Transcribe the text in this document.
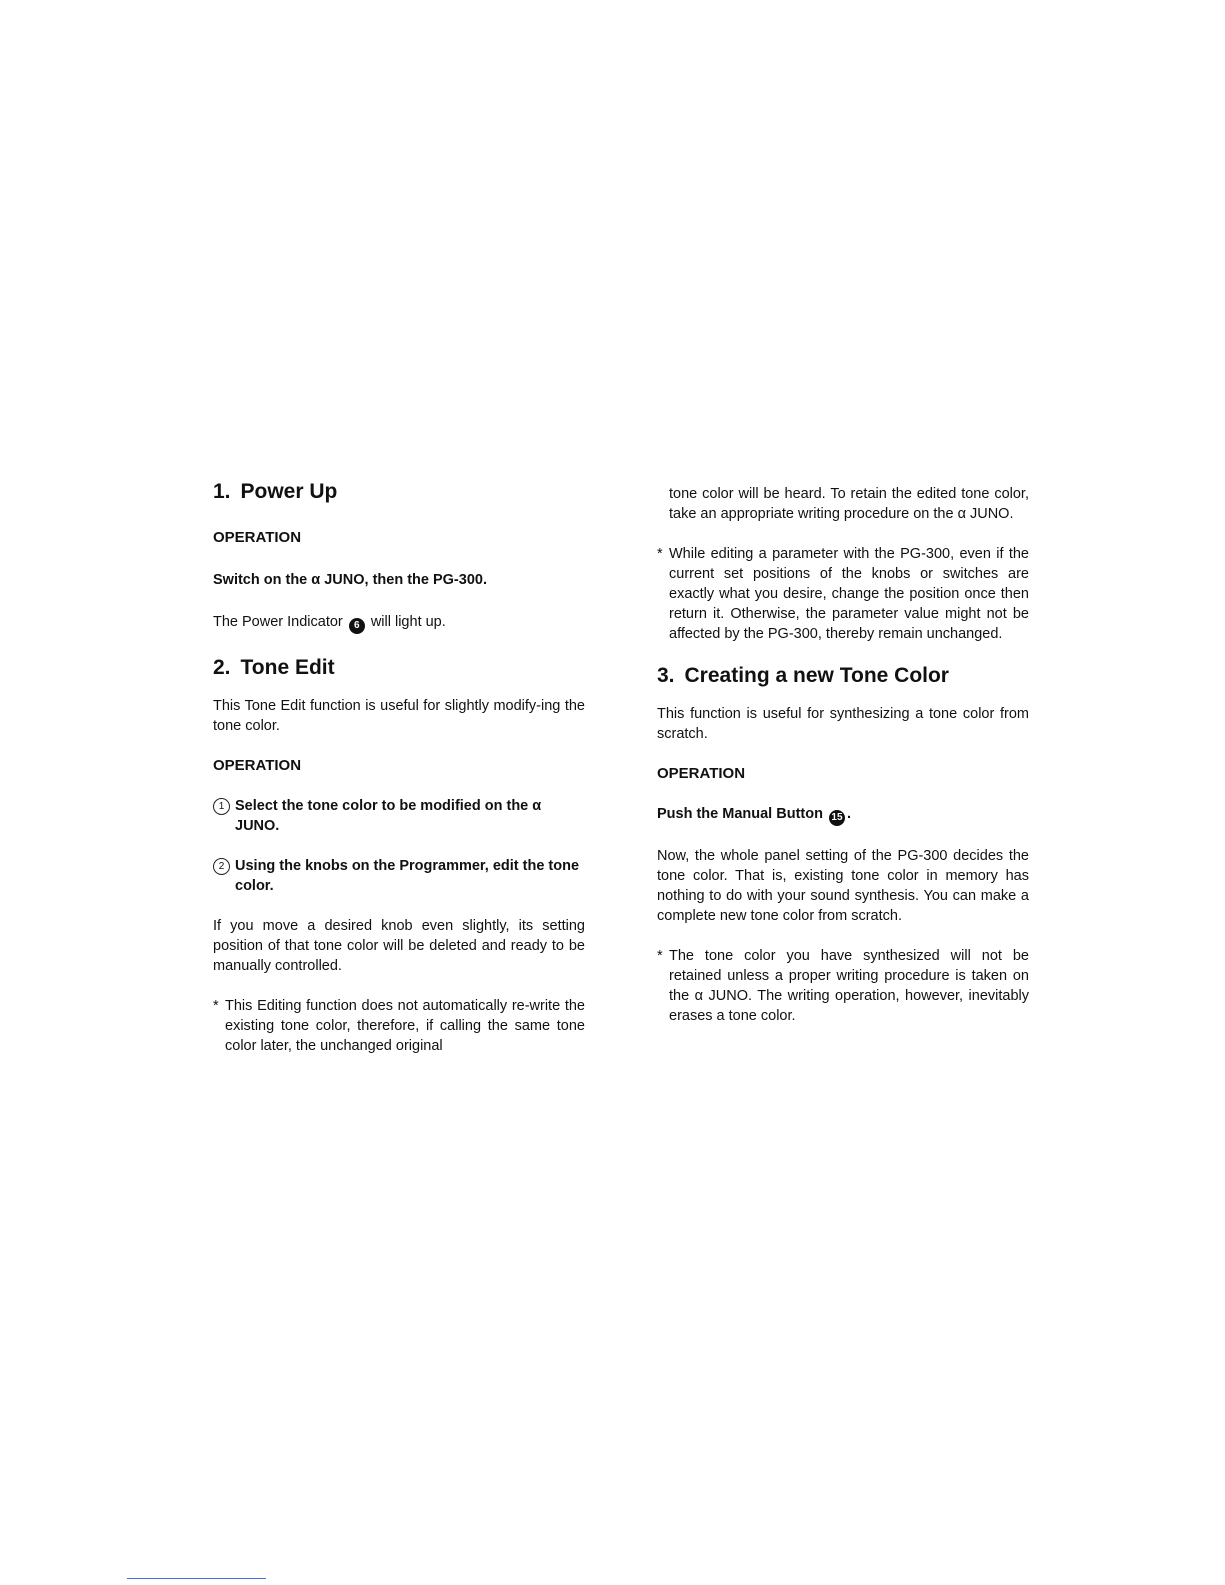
1. Power Up

OPERATION

Switch on the α JUNO, then the PG-300.

The Power Indicator 6 will light up.

2. Tone Edit

This Tone Edit function is useful for slightly modify-ing the tone color.

OPERATION

1 Select the tone color to be modified on the α JUNO.
2 Using the knobs on the Programmer, edit the tone color.

If you move a desired knob even slightly, its setting position of that tone color will be deleted and ready to be manually controlled.

* This Editing function does not automatically re-write the existing tone color, therefore, if calling the same tone color later, the unchanged original

tone color will be heard. To retain the edited tone color, take an appropriate writing procedure on the α JUNO.

* While editing a parameter with the PG-300, even if the current set positions of the knobs or switches are exactly what you desire, change the position once then return it. Otherwise, the parameter value might not be affected by the PG-300, thereby remain unchanged.

3. Creating a new Tone Color

This function is useful for synthesizing a tone color from scratch.

OPERATION

Push the Manual Button 15 .

Now, the whole panel setting of the PG-300 decides the tone color. That is, existing tone color in memory has nothing to do with your sound synthesis. You can make a complete new tone color from scratch.

* The tone color you have synthesized will not be retained unless a proper writing procedure is taken on the α JUNO. The writing operation, however, inevitably erases a tone color.
